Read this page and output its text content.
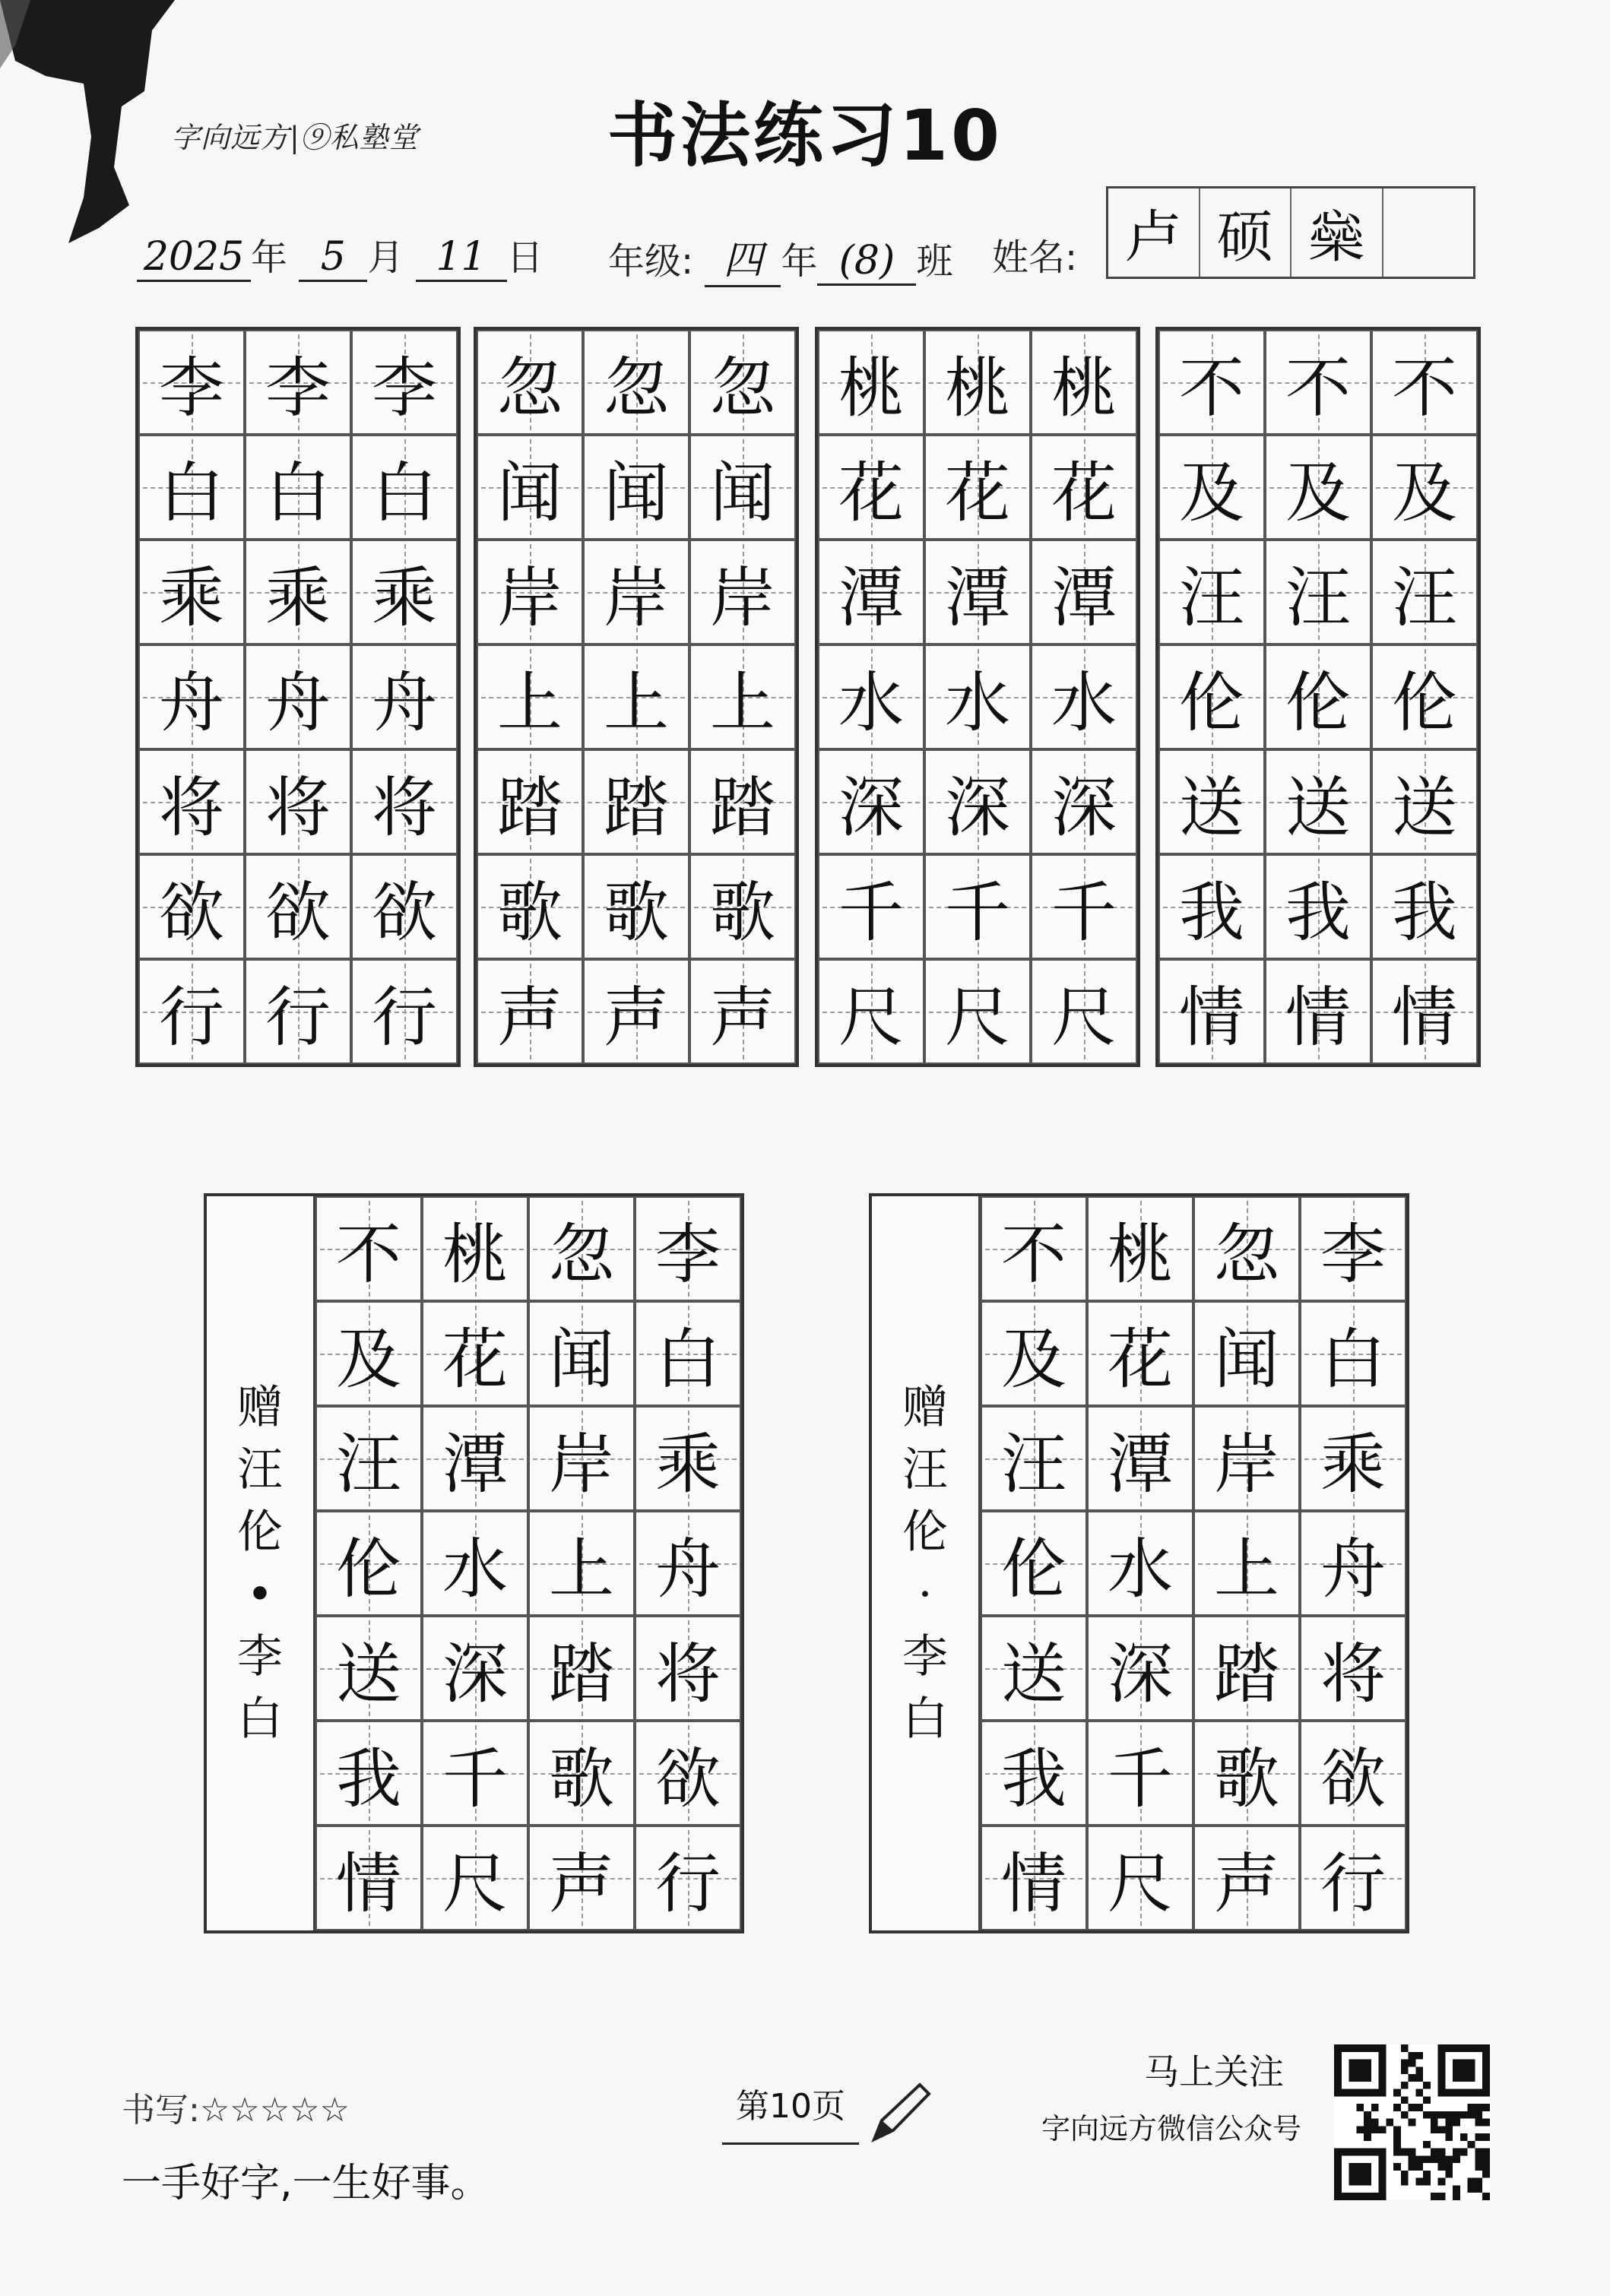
字向远方|⑨私塾堂	书法练习10
2025 年 5 月 11 日 年级: 四 年 (8) 班 姓名: 卢 硕 橤
李 李 李
白 白 白
乘 乘 乘
舟 舟 舟
将 将 将
欲 欲 欲
行 行 行
忽 忽 忽
闻 闻 闻
岸 岸 岸
上 上 上
踏 踏 踏
歌 歌 歌
声 声 声
桃 桃 桃
花 花 花
潭 潭 潭
水 水 水
深 深 深
千 千 千
尺 尺 尺
不 不 不
及 及 及
汪 汪 汪
伦 伦 伦
送 送 送
我 我 我
情 情 情
赠
汪
伦
•
李
白
不 桃 忽 李
及 花 闻 白
汪 潭 岸 乘
伦 水 上 舟
送 深 踏 将
我 千 歌 欲
情 尺 声 行
赠
汪
伦
·
李
白
不 桃 忽 李
及 花 闻 白
汪 潭 岸 乘
伦 水 上 舟
送 深 踏 将
我 千 歌 欲
情 尺 声 行
书写:☆☆☆☆☆
一手好字,一生好事。
第10页
马上关注
字向远方微信公众号
